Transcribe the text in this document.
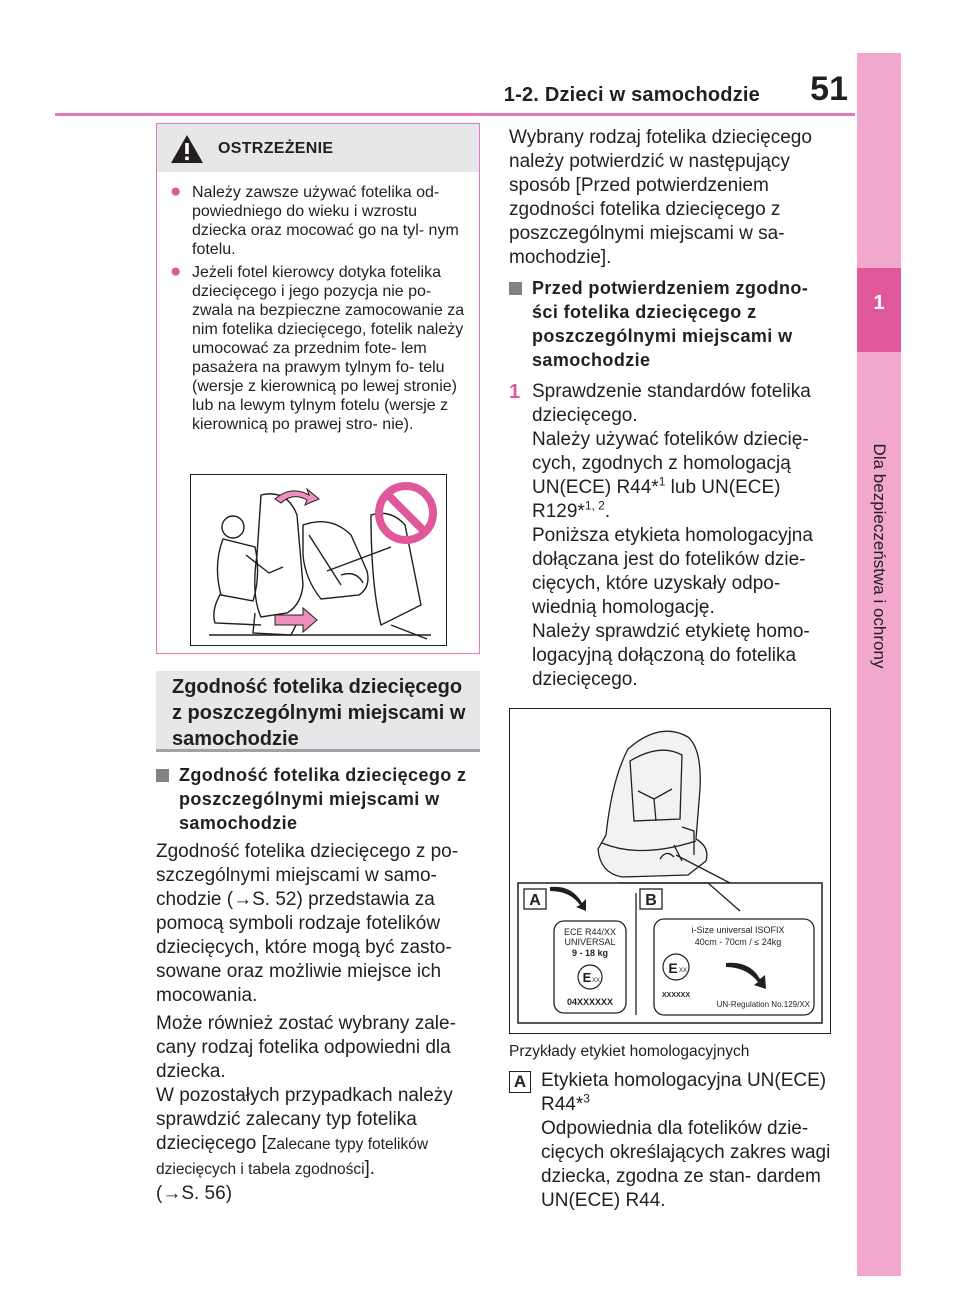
1-2. Dzieci w samochodzie 51
1
Dla bezpieczeństwa i ochrony
OSTRZEŻENIE
● Należy zawsze używać fotelika od- powiedniego do wieku i wzrostu dziecka oraz mocować go na tyl- nym fotelu.
● Jeżeli fotel kierowcy dotyka fotelika dziecięcego i jego pozycja nie po- zwala na bezpieczne zamocowanie za nim fotelika dziecięcego, fotelik należy umocować za przednim fote- lem pasażera na prawym tylnym fo- telu (wersje z kierownicą po lewej stronie) lub na lewym tylnym fotelu (wersje z kierownicą po prawej stro- nie).
Zgodność fotelika dziecięcego z poszczególnymi miejscami w samochodzie
Zgodność fotelika dziecięcego z poszczególnymi miejscami w samochodzie
Zgodność fotelika dziecięcego z po- szczególnymi miejscami w samo- chodzie (→S. 52) przedstawia za pomocą symboli rodzaje fotelików dziecięcych, które mogą być zasto- sowane oraz możliwie miejsce ich mocowania.
Może również zostać wybrany zale- cany rodzaj fotelika odpowiedni dla dziecka.
W pozostałych przypadkach należy sprawdzić zalecany typ fotelika dziecięcego [Zalecane typy fotelików dziecięcych i tabela zgodności].
(→S. 56)
Wybrany rodzaj fotelika dziecięcego należy potwierdzić w następujący sposób [Przed potwierdzeniem zgodności fotelika dziecięcego z poszczególnymi miejscami w sa- mochodzie].
Przed potwierdzeniem zgodno- ści fotelika dziecięcego z poszczególnymi miejscami w samochodzie
1 Sprawdzenie standardów fotelika dziecięcego.
Należy używać fotelików dziecię- cych, zgodnych z homologacją UN(ECE) R44*$^1$ lub UN(ECE) R129*$^{1, 2}$.
Poniższa etykieta homologacyjna dołączana jest do fotelików dzie- cięcych, które uzyskały odpo- wiednią homologację.
Należy sprawdzić etykietę homo- logacyjną dołączoną do fotelika dziecięcego.
A
ECE R44/XX
UNIVERSAL
9 - 18 kg
E XX
04XXXXXX
B
i-Size universal ISOFIX
40cm - 70cm / ≤ 24kg
E XX
XXXXXX
UN-Regulation No.129/XX
Przykłady etykiet homologacyjnych
A Etykieta homologacyjna UN(ECE) R44*$^3$
Odpowiednia dla fotelików dzie- cięcych określających zakres wagi dziecka, zgodna ze stan- dardem UN(ECE) R44.
